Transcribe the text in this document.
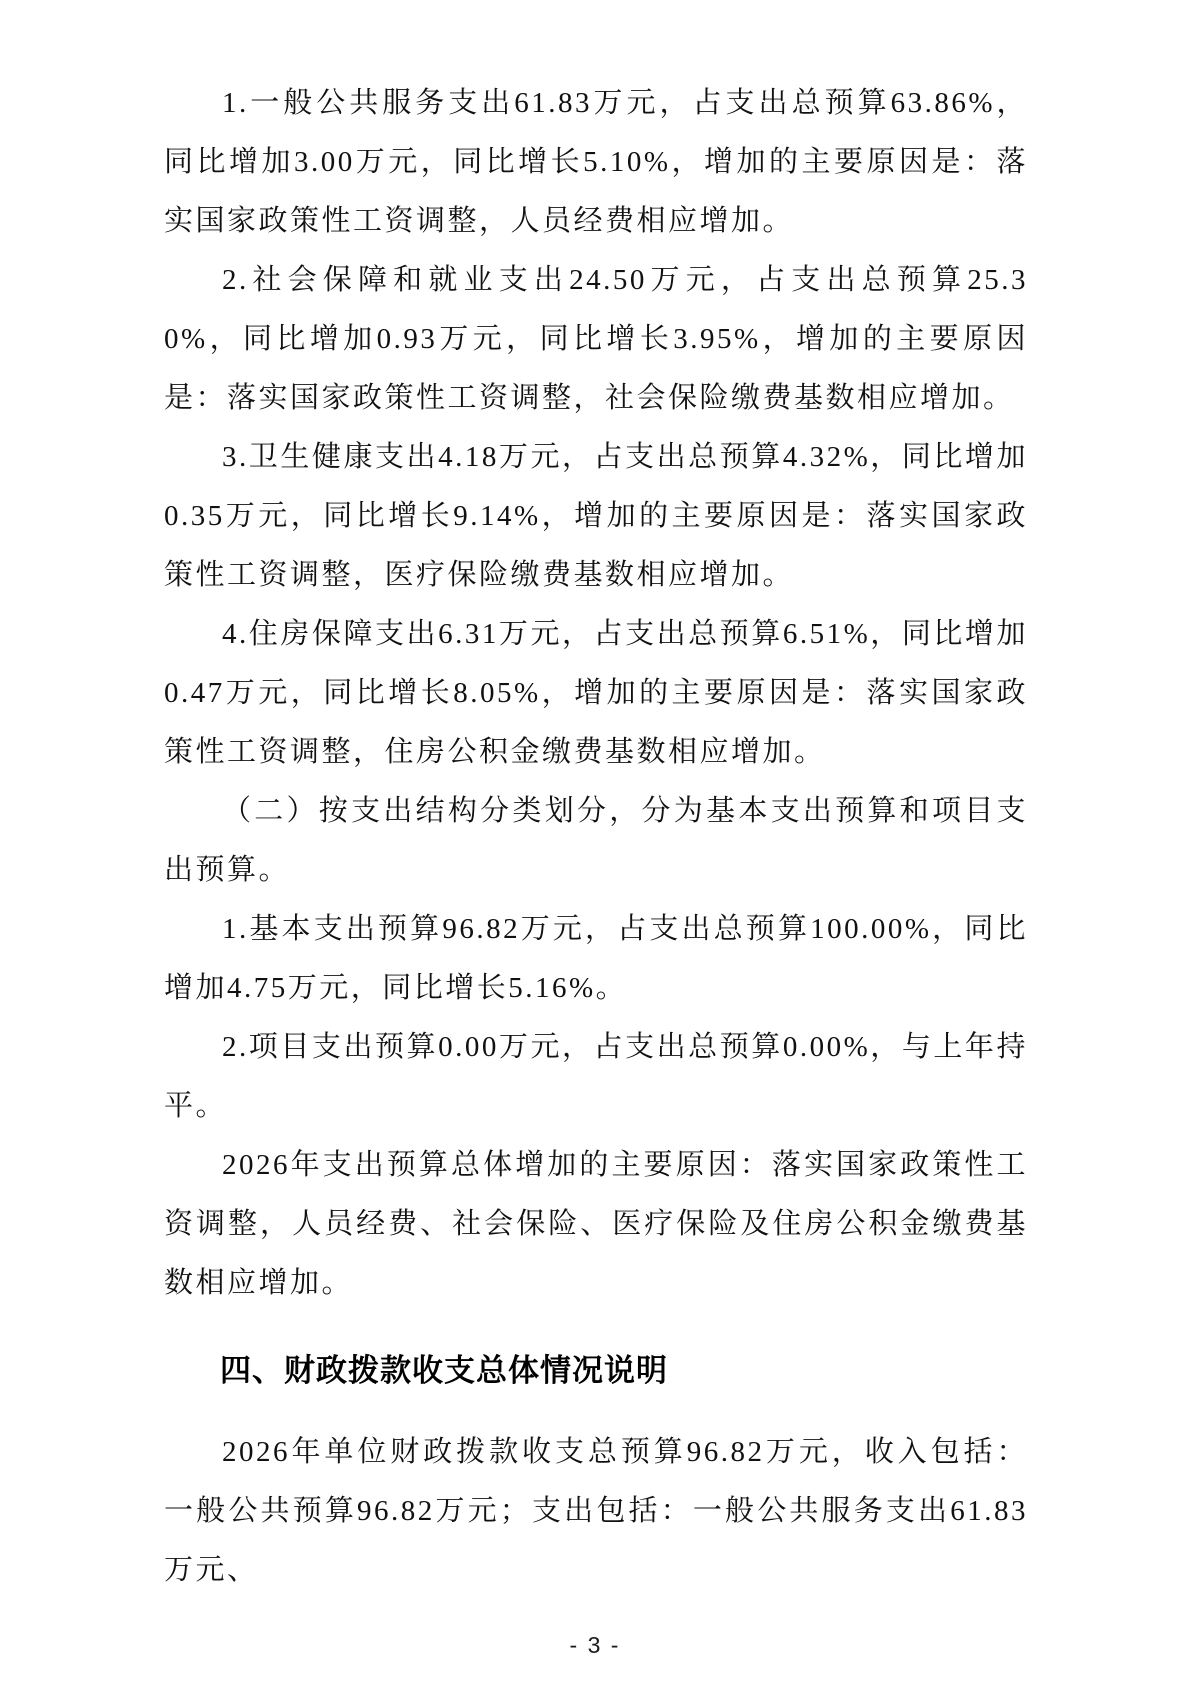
1.一般公共服务支出61.83万元，占支出总预算63.86%，同比增加3.00万元，同比增长5.10%，增加的主要原因是：落实国家政策性工资调整，人员经费相应增加。

2.社会保障和就业支出24.50万元，占支出总预算25.30%，同比增加0.93万元，同比增长3.95%，增加的主要原因是：落实国家政策性工资调整，社会保险缴费基数相应增加。

3.卫生健康支出4.18万元，占支出总预算4.32%，同比增加0.35万元，同比增长9.14%，增加的主要原因是：落实国家政策性工资调整，医疗保险缴费基数相应增加。

4.住房保障支出6.31万元，占支出总预算6.51%，同比增加0.47万元，同比增长8.05%，增加的主要原因是：落实国家政策性工资调整，住房公积金缴费基数相应增加。

（二）按支出结构分类划分，分为基本支出预算和项目支出预算。

1.基本支出预算96.82万元，占支出总预算100.00%，同比增加4.75万元，同比增长5.16%。

2.项目支出预算0.00万元，占支出总预算0.00%，与上年持平。

2026年支出预算总体增加的主要原因：落实国家政策性工资调整，人员经费、社会保险、医疗保险及住房公积金缴费基数相应增加。

四、财政拨款收支总体情况说明

2026年单位财政拨款收支总预算96.82万元，收入包括：一般公共预算96.82万元；支出包括：一般公共服务支出61.83万元、

- 3 -
